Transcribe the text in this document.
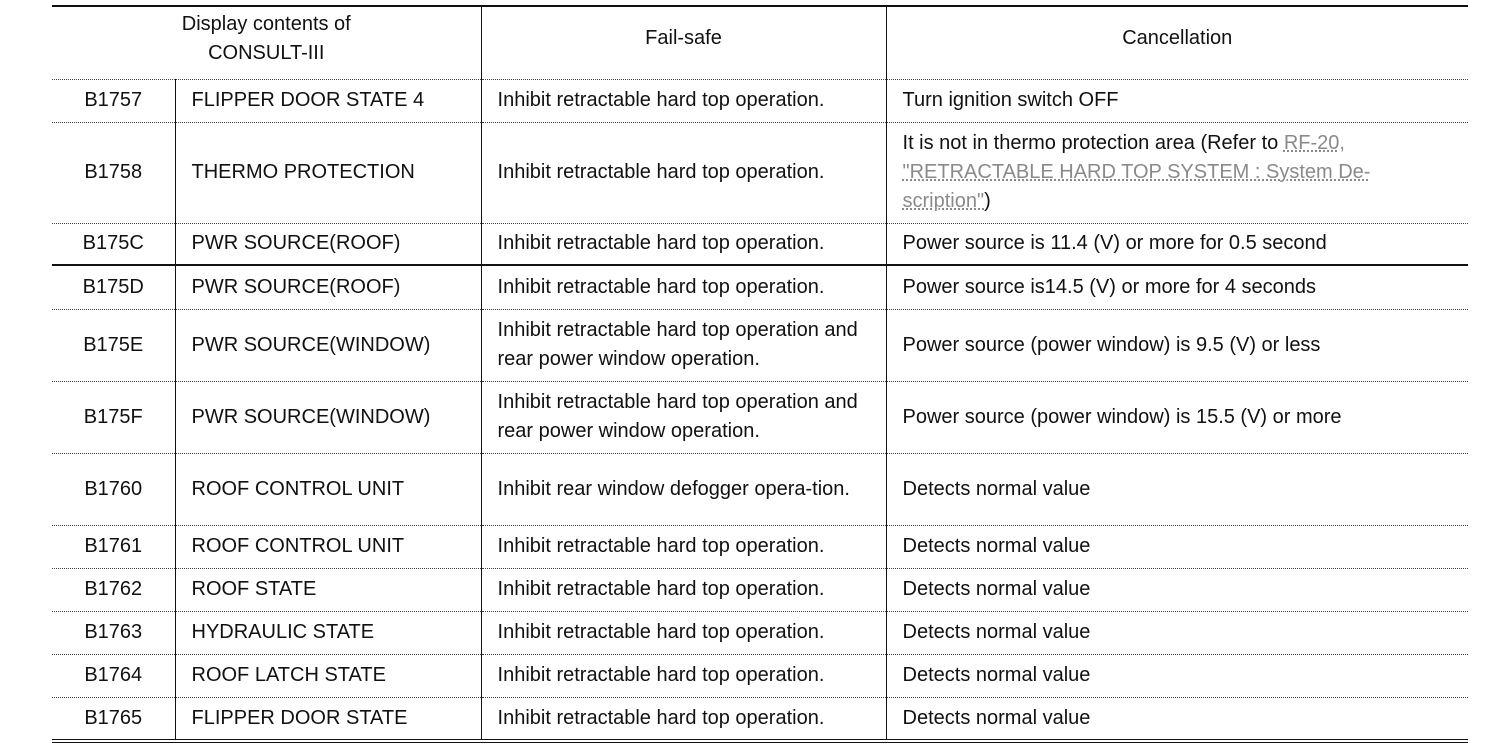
Display contents of
CONSULT-III		Fail-safe	Cancellation
B1757	FLIPPER DOOR STATE 4	Inhibit retractable hard top operation.	Turn ignition switch OFF
B1758	THERMO PROTECTION	Inhibit retractable hard top operation.	It is not in thermo protection area (Refer to RF-20, "RETRACTABLE HARD TOP SYSTEM : System De-scription")
B175C	PWR SOURCE(ROOF)	Inhibit retractable hard top operation.	Power source is 11.4 (V) or more for 0.5 second
B175D	PWR SOURCE(ROOF)	Inhibit retractable hard top operation.	Power source is14.5 (V) or more for 4 seconds
B175E	PWR SOURCE(WINDOW)	Inhibit retractable hard top operation and rear power window operation.	Power source (power window) is 9.5 (V) or less
B175F	PWR SOURCE(WINDOW)	Inhibit retractable hard top operation and rear power window operation.	Power source (power window) is 15.5 (V) or more
B1760	ROOF CONTROL UNIT	Inhibit rear window defogger opera-tion.	Detects normal value
B1761	ROOF CONTROL UNIT	Inhibit retractable hard top operation.	Detects normal value
B1762	ROOF STATE	Inhibit retractable hard top operation.	Detects normal value
B1763	HYDRAULIC STATE	Inhibit retractable hard top operation.	Detects normal value
B1764	ROOF LATCH STATE	Inhibit retractable hard top operation.	Detects normal value
B1765	FLIPPER DOOR STATE	Inhibit retractable hard top operation.	Detects normal value
